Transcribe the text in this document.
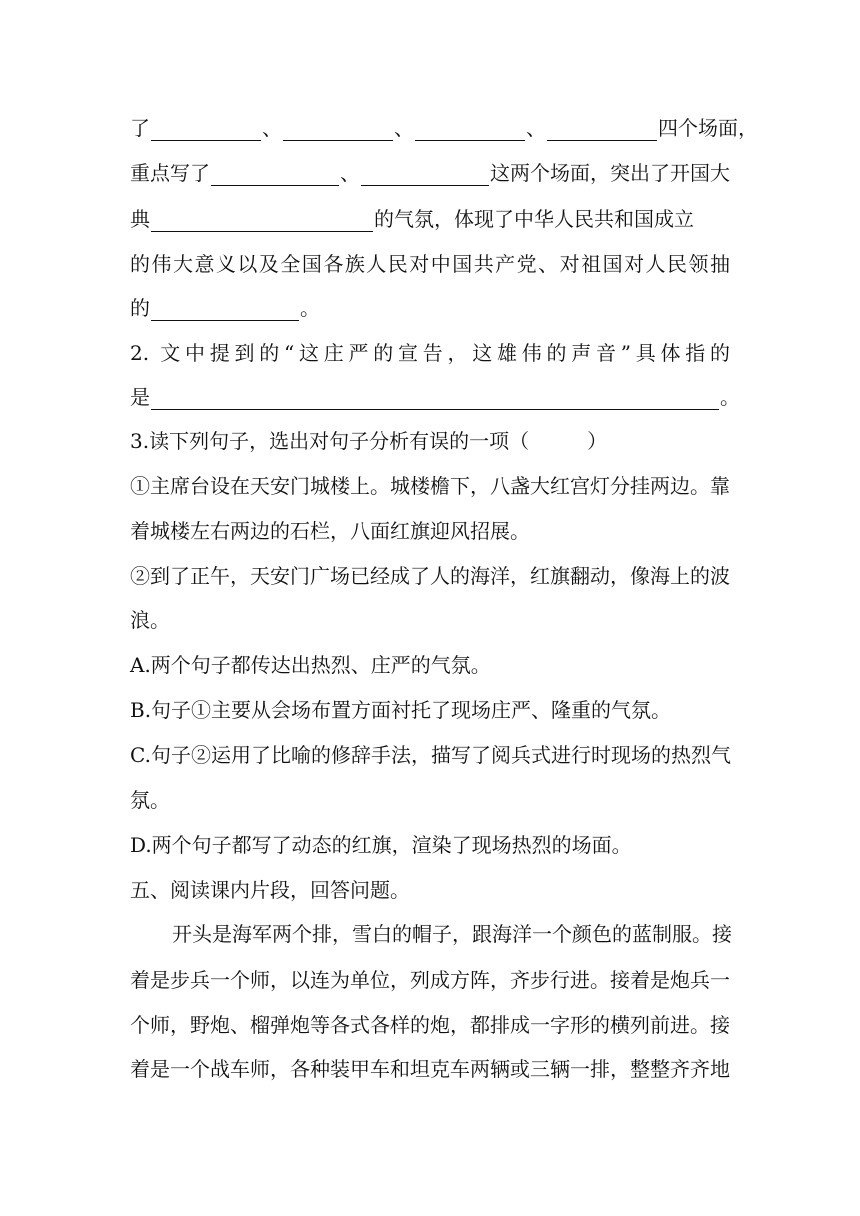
了	、	、	、	四个场面，
重点写了	、	这两个场面，突出了开国大
典	的气氛，体现了中华人民共和国成立
的伟大意义以及全国各族人民对中国共产党、对祖国对人民领抽
的	。
2. 文中提到的“这庄严的宣告，这雄伟的声音”具体指的
是	。
3.读下列句子，选出对句子分析有误的一项（	）
①主席台设在天安门城楼上。城楼檐下，八盏大红宫灯分挂两边。靠
着城楼左右两边的石栏，八面红旗迎风招展。
②到了正午，天安门广场已经成了人的海洋，红旗翻动，像海上的波
浪。
A.两个句子都传达出热烈、庄严的气氛。
B.句子①主要从会场布置方面衬托了现场庄严、隆重的气氛。
C.句子②运用了比喻的修辞手法，描写了阅兵式进行时现场的热烈气
氛。
D.两个句子都写了动态的红旗，渲染了现场热烈的场面。
五、阅读课内片段，回答问题。
开头是海军两个排，雪白的帽子，跟海洋一个颜色的蓝制服。接
着是步兵一个师，以连为单位，列成方阵，齐步行进。接着是炮兵一
个师，野炮、榴弹炮等各式各样的炮，都排成一字形的横列前进。接
着是一个战车师，各种装甲车和坦克车两辆或三辆一排，整整齐齐地
